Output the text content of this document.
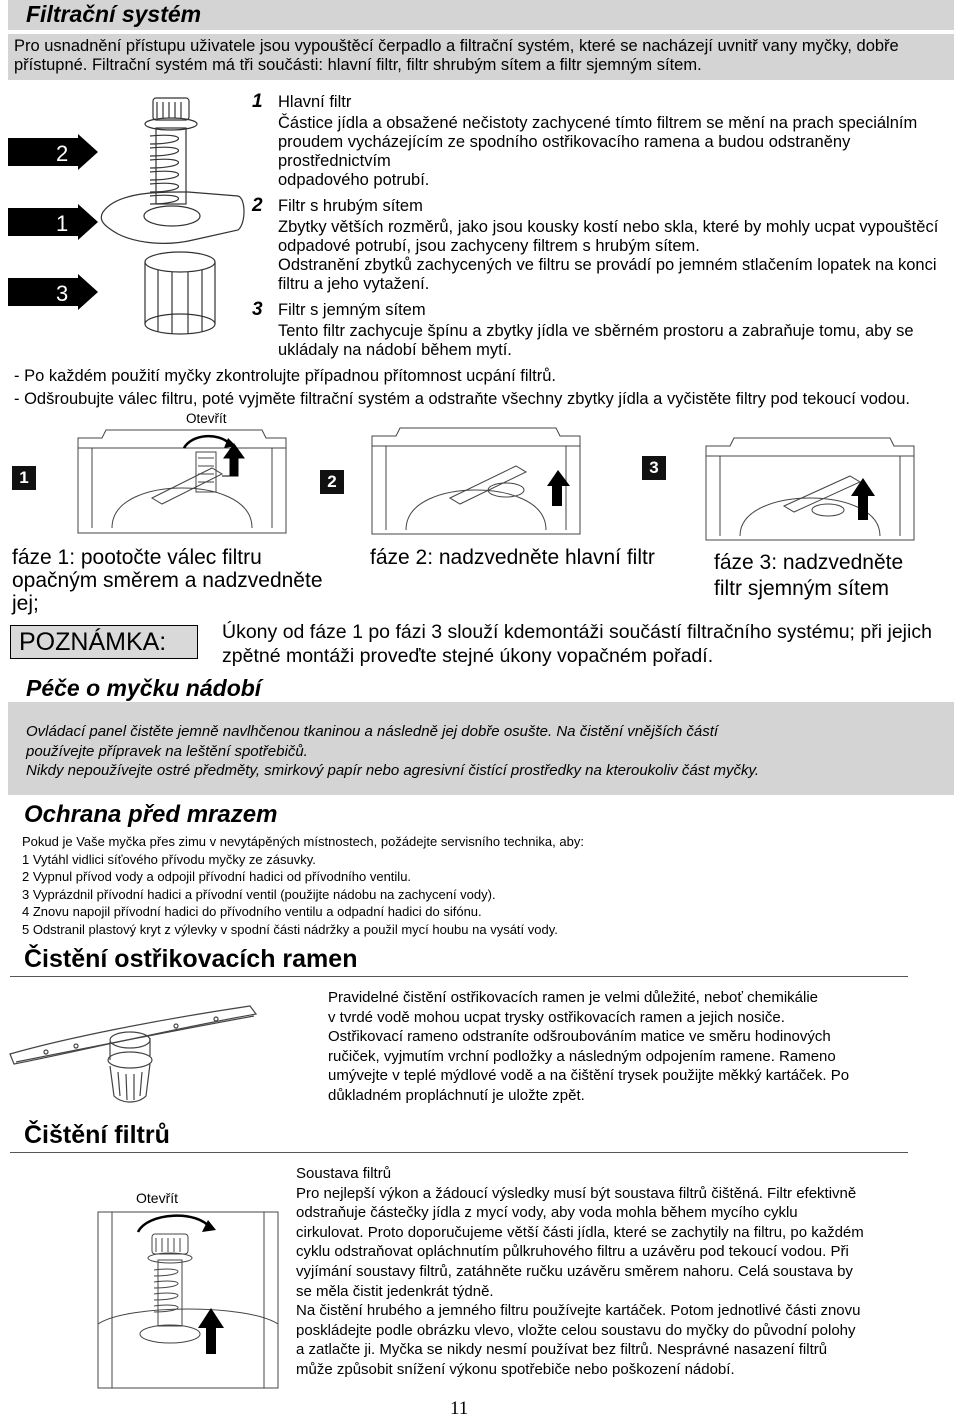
Filtrační systém
Pro usnadnění přístupu uživatele jsou vypouštěcí čerpadlo a filtrační systém, které se nacházejí uvnitř vany myčky, dobře
přístupné. Filtrační systém má tři součásti: hlavní filtr, filtr shrubým sítem a filtr sjemným sítem.
2
1
3
1 Hlavní filtr
Částice jídla a obsažené nečistoty zachycené tímto filtrem se mění na prach speciálním
proudem vycházejícím ze spodního ostřikovacího ramena a budou odstraněny prostřednictvím
odpadového potrubí.
2 Filtr s hrubým sítem
Zbytky větších rozměrů, jako jsou kousky kostí nebo skla, které by mohly ucpat vypouštěcí
odpadové potrubí, jsou zachyceny filtrem s hrubým sítem.
Odstranění zbytků zachycených ve filtru se provádí po jemném stlačením lopatek na konci
filtru a jeho vytažení.
3 Filtr s jemným sítem
Tento filtr zachycuje špínu a zbytky jídla ve sběrném prostoru a zabraňuje tomu, aby se
ukládaly na nádobí během mytí.
- Po každém použití myčky zkontrolujte případnou přítomnost ucpání filtrů.
- Odšroubujte válec filtru, poté vyjměte filtrační systém a odstraňte všechny zbytky jídla a vyčistěte filtry pod tekoucí vodou.
Otevřít
1	2
3
fáze 1: pootočte válec filtru
opačným směrem a nadzvedněte
jej;
fáze 2: nadzvedněte hlavní filtr	fáze 3: nadzvedněte
filtr sjemným sítem
POZNÁMKA:	Úkony od fáze 1 po fázi 3 slouží kdemontáži součástí filtračního systému; při jejich
zpětné montáži proveďte stejné úkony vopačném pořadí.
Péče o myčku nádobí
Ovládací panel čistěte jemně navlhčenou tkaninou a následně jej dobře osušte. Na čistění vnějších částí
používejte přípravek na leštění spotřebičů.
Nikdy nepoužívejte ostré předměty, smirkový papír nebo agresivní čistící prostředky na kteroukoliv část myčky.
Ochrana před mrazem
Pokud je Vaše myčka přes zimu v nevytápěných místnostech, požádejte servisního technika, aby:
1 Vytáhl vidlici síťového přívodu myčky ze zásuvky.
2 Vypnul přívod vody a odpojil přívodní hadici od přívodního ventilu.
3 Vyprázdnil přívodní hadici a přívodní ventil (použijte nádobu na zachycení vody).
4 Znovu napojil přívodní hadici do přívodního ventilu a odpadní hadici do sifónu.
5 Odstranil plastový kryt z výlevky v spodní části nádržky a použil mycí houbu na vysátí vody.
Čistění ostřikovacích ramen
Pravidelné čistění ostřikovacích ramen je velmi důležité, neboť chemikálie
v tvrdé vodě mohou ucpat trysky ostřikovacích ramen a jejich nosiče.
Ostřikovací rameno odstraníte odšroubováním matice ve směru hodinových
ručiček, vyjmutím vrchní podložky a následným odpojením ramene. Rameno
umývejte v teplé mýdlové vodě a na čištění trysek použijte měkký kartáček. Po
důkladném propláchnutí je uložte zpět.
Čištění filtrů
Otevřít
Soustava filtrů
Pro nejlepší výkon a žádoucí výsledky musí být soustava filtrů čištěná. Filtr efektivně
odstraňuje částečky jídla z mycí vody, aby voda mohla během mycího cyklu
cirkulovat. Proto doporučujeme větší části jídla, které se zachytily na filtru, po každém
cyklu odstraňovat opláchnutím půlkruhového filtru a uzávěru pod tekoucí vodou. Při
vyjímání soustavy filtrů, zatáhněte ručku uzávěru směrem nahoru. Celá soustava by
se měla čistit jedenkrát týdně.
Na čistění hrubého a jemného filtru používejte kartáček. Potom jednotlivé části znovu
poskládejte podle obrázku vlevo, vložte celou soustavu do myčky do původní polohy
a zatlačte ji. Myčka se nikdy nesmí používat bez filtrů. Nesprávné nasazení filtrů
může způsobit snížení výkonu spotřebiče nebo poškození nádobí.
11
